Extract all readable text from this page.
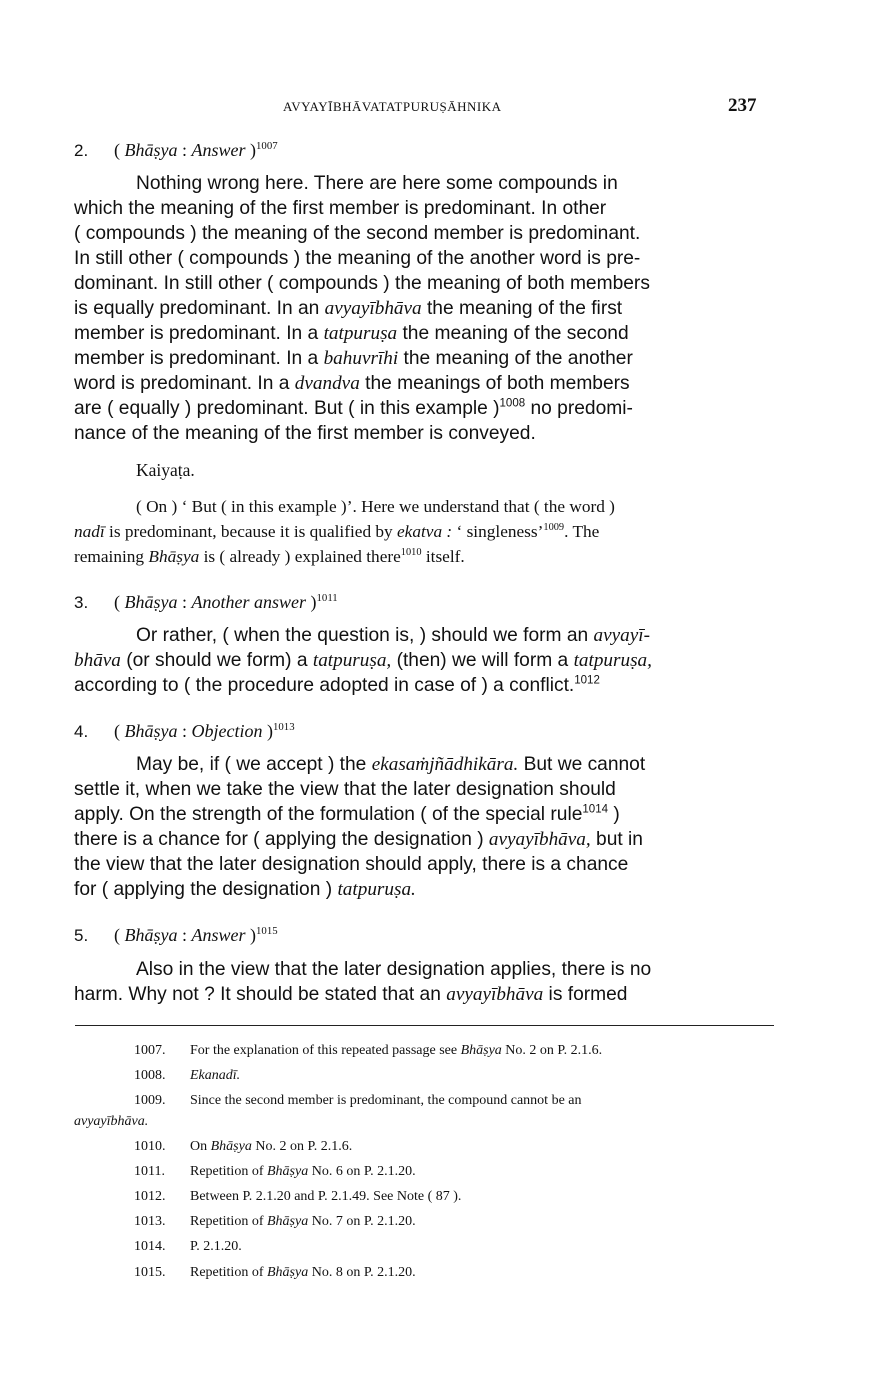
AVYAYĪBHĀVATATPURUṢĀHNIKA	237
2. ( Bhāṣya : Answer )$^{1007}$
Nothing wrong here. There are here some compounds in
which the meaning of the first member is predominant. In other
( compounds ) the meaning of the second member is predominant.
In still other ( compounds ) the meaning of the another word is pre-
dominant. In still other ( compounds ) the meaning of both members
is equally predominant. In an avyayībhāva the meaning of the first
member is predominant. In a tatpuruṣa the meaning of the second
member is predominant. In a bahuvrīhi the meaning of the another
word is predominant. In a dvandva the meanings of both members
are ( equally ) predominant. But ( in this example )$^{1008}$ no predomi-
nance of the meaning of the first member is conveyed.
Kaiyaṭa.
( On ) ‘ But ( in this example )’. Here we understand that ( the word )
nadī is predominant, because it is qualified by ekatva : ‘ singleness’$^{1009}$. The
remaining Bhāṣya is ( already ) explained there$^{1010}$ itself.
3. ( Bhāṣya : Another answer )$^{1011}$
Or rather, ( when the question is, ) should we form an avyayī-
bhāva (or should we form) a tatpuruṣa, (then) we will form a tatpuruṣa,
according to ( the procedure adopted in case of ) a conflict.$^{1012}$
4. ( Bhāṣya : Objection )$^{1013}$
May be, if ( we accept ) the ekasaṁjñādhikāra. But we cannot
settle it, when we take the view that the later designation should
apply. On the strength of the formulation ( of the special rule$^{1014}$ )
there is a chance for ( applying the designation ) avyayībhāva, but in
the view that the later designation should apply, there is a chance
for ( applying the designation ) tatpuruṣa.
5. ( Bhāṣya : Answer )$^{1015}$
Also in the view that the later designation applies, there is no
harm. Why not ? It should be stated that an avyayībhāva is formed
1007. For the explanation of this repeated passage see Bhāṣya No. 2 on P. 2.1.6.
1008. Ekanadī.
1009. Since the second member is predominant, the compound cannot be an
avyayībhāva.
1010. On Bhāṣya No. 2 on P. 2.1.6.
1011. Repetition of Bhāṣya No. 6 on P. 2.1.20.
1012. Between P. 2.1.20 and P. 2.1.49. See Note ( 87 ).
1013. Repetition of Bhāṣya No. 7 on P. 2.1.20.
1014. P. 2.1.20.
1015. Repetition of Bhāṣya No. 8 on P. 2.1.20.
